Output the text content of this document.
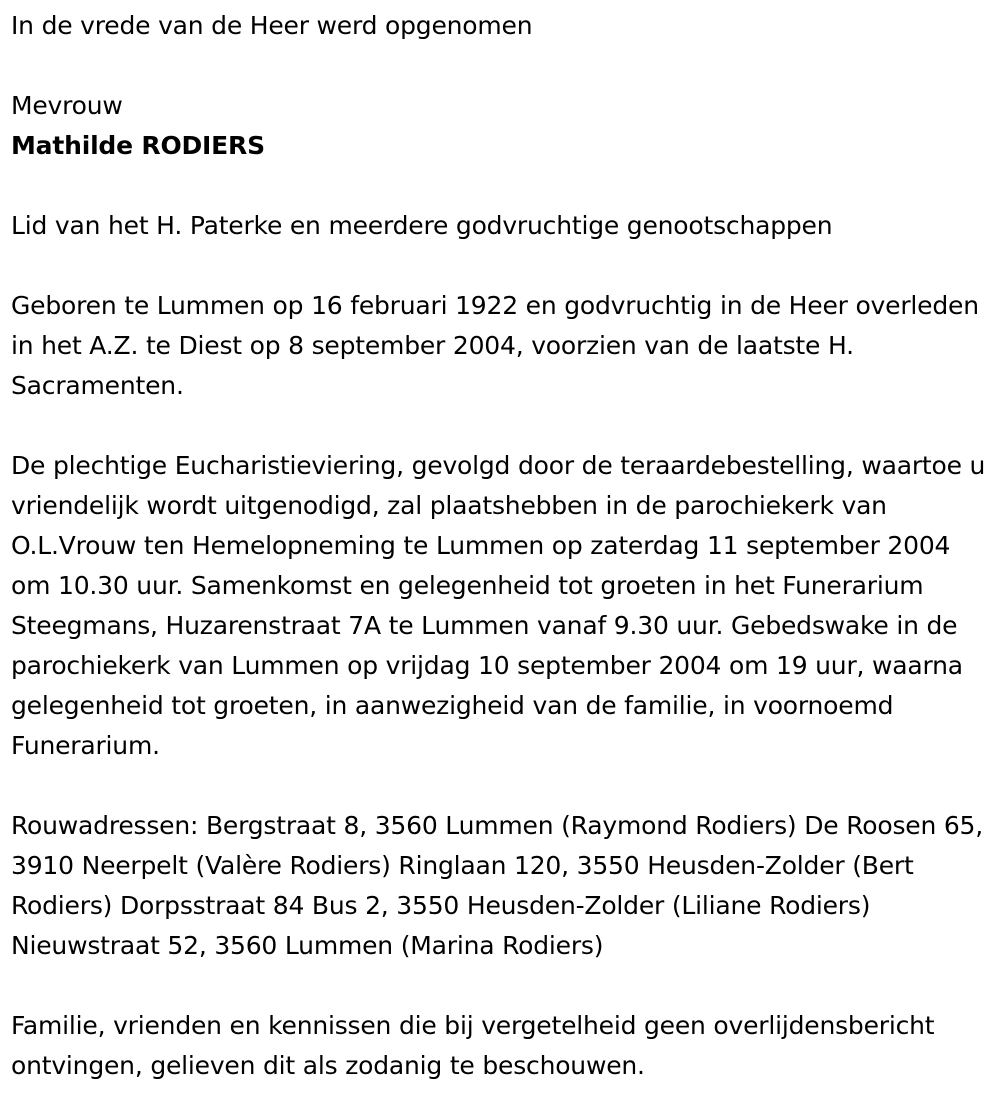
In de vrede van de Heer werd opgenomen

Mevrouw

Mathilde RODIERS

Lid van het H. Paterke en meerdere godvruchtige genootschappen

Geboren te Lummen op 16 februari 1922 en godvruchtig in de Heer overleden in het A.Z. te Diest op 8 september 2004, voorzien van de laatste H. Sacramenten.

De plechtige Eucharistieviering, gevolgd door de teraardebestelling, waartoe u vriendelijk wordt uitgenodigd, zal plaatshebben in de parochiekerk van O.L.Vrouw ten Hemelopneming te Lummen op zaterdag 11 september 2004 om 10.30 uur. Samenkomst en gelegenheid tot groeten in het Funerarium Steegmans, Huzarenstraat 7A te Lummen vanaf 9.30 uur. Gebedswake in de parochiekerk van Lummen op vrijdag 10 september 2004 om 19 uur, waarna gelegenheid tot groeten, in aanwezigheid van de familie, in voornoemd Funerarium.

Rouwadressen: Bergstraat 8, 3560 Lummen (Raymond Rodiers) De Roosen 65, 3910 Neerpelt (Valère Rodiers) Ringlaan 120, 3550 Heusden-Zolder (Bert Rodiers) Dorpsstraat 84 Bus 2, 3550 Heusden-Zolder (Liliane Rodiers) Nieuwstraat 52, 3560 Lummen (Marina Rodiers)

Familie, vrienden en kennissen die bij vergetelheid geen overlijdensbericht ontvingen, gelieven dit als zodanig te beschouwen.
